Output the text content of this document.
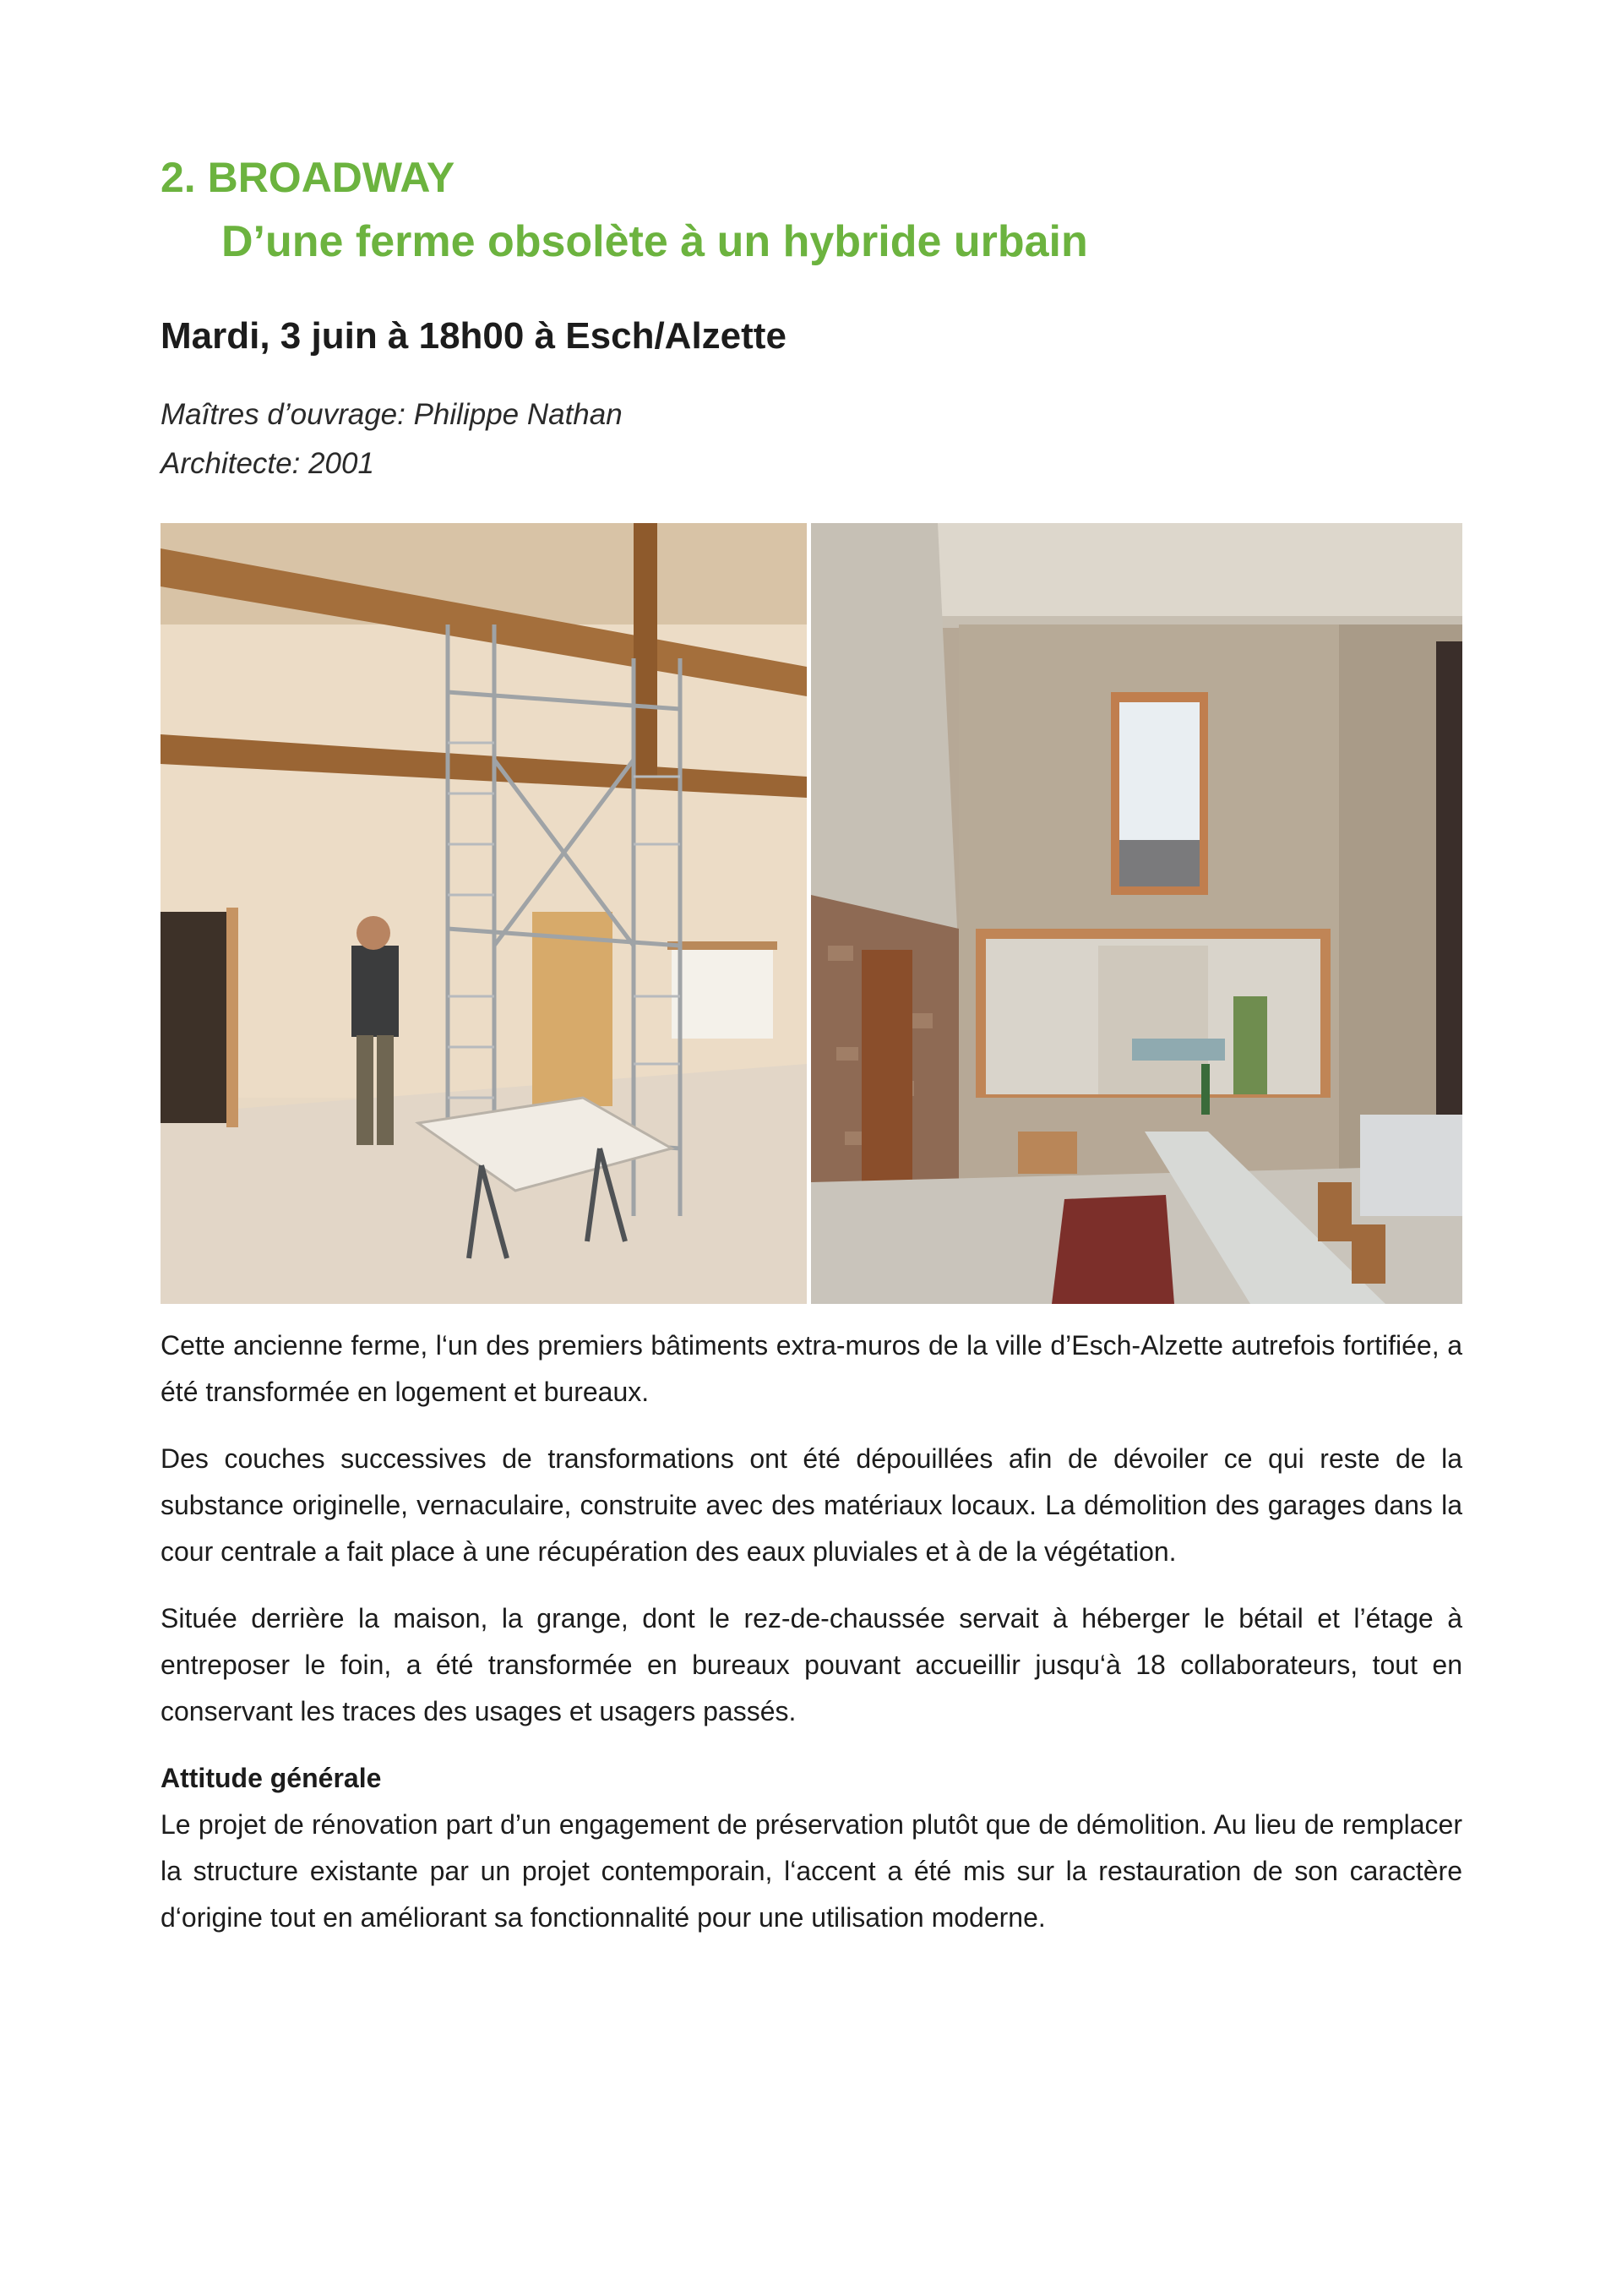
2. BROADWAY
D’une ferme obsolète à un hybride urbain
Mardi, 3 juin à 18h00 à Esch/Alzette
Maîtres d’ouvrage: Philippe Nathan
Architecte: 2001

Cette ancienne ferme, l‘un des premiers bâtiments extra-muros de la ville d’Esch-Alzette autrefois fortifiée, a été transformée en logement et bureaux.

Des couches successives de transformations ont été dépouillées afin de dévoiler ce qui reste de la substance originelle, vernaculaire, construite avec des matériaux locaux. La démolition des garages dans la cour centrale a fait place à une récupération des eaux pluviales et à de la végétation.

Située derrière la maison, la grange, dont le rez-de-chaussée servait à héberger le bétail et l’étage à entreposer le foin, a été transformée en bureaux pouvant accueillir jusqu‘à 18 collaborateurs, tout en conservant les traces des usages et usagers passés.

Attitude générale

Le projet de rénovation part d’un engagement de préservation plutôt que de démolition. Au lieu de remplacer la structure existante par un projet contemporain, l‘accent a été mis sur la restauration de son caractère d‘origine tout en améliorant sa fonctionnalité pour une utilisation moderne.
